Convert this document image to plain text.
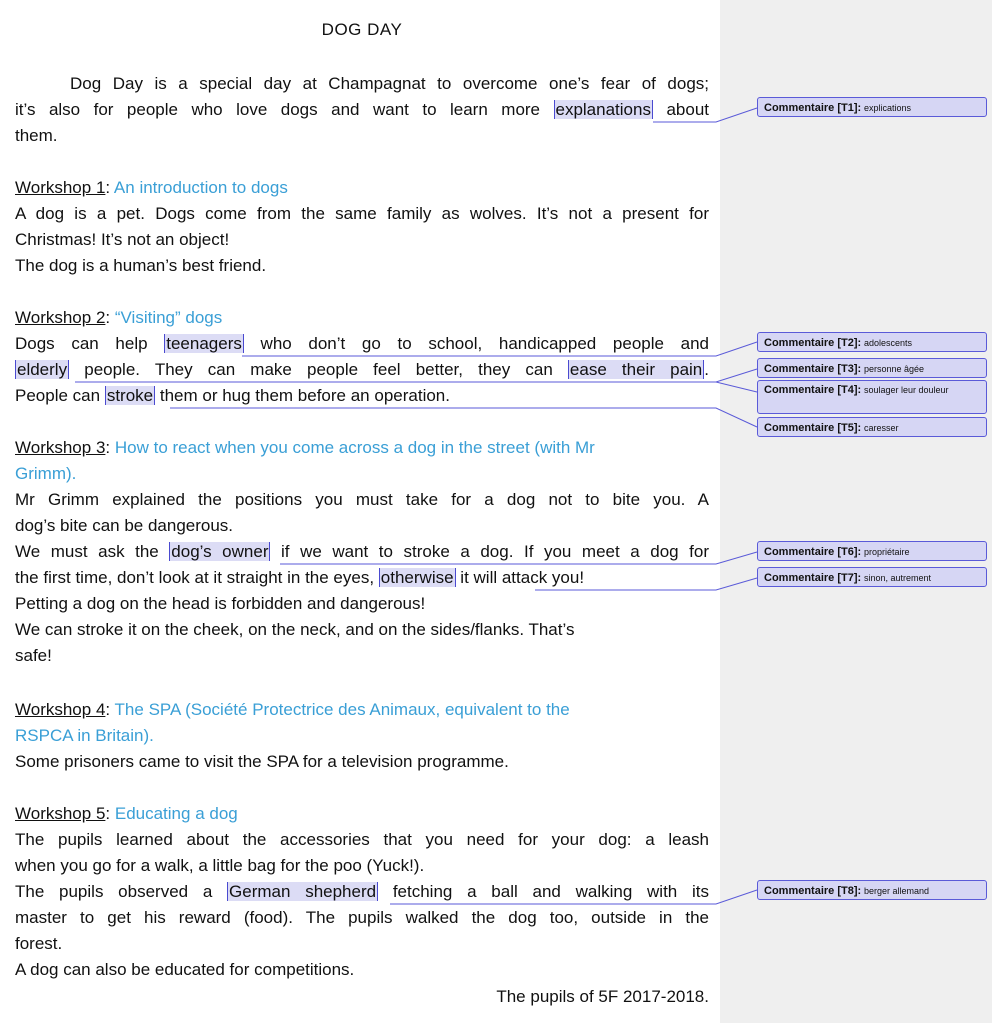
DOG DAY

Dog Day is a special day at Champagnat to overcome one’s fear of dogs;

it’s also for people who love dogs and want to learn more explanations about

them.

Workshop 1: An introduction to dogs

A dog is a pet. Dogs come from the same family as wolves. It’s not a present for

Christmas! It’s not an object!

The dog is a human’s best friend.

Workshop 2: “Visiting” dogs

Dogs can help teenagers who don’t go to school, handicapped people and

elderly people. They can make people feel better, they can ease their pain .

People can stroke them or hug them before an operation.

Workshop 3: How to react when you come across a dog in the street (with Mr

Grimm).

Mr Grimm explained the positions you must take for a dog not to bite you. A

dog’s bite can be dangerous.

We must ask the dog’s owner if we want to stroke a dog. If you meet a dog for

the first time, don’t look at it straight in the eyes, otherwise it will attack you!

Petting a dog on the head is forbidden and dangerous!

We can stroke it on the cheek, on the neck, and on the sides/flanks. That’s

safe!

Workshop 4: The SPA (Société Protectrice des Animaux, equivalent to the

RSPCA in Britain).

Some prisoners came to visit the SPA for a television programme.

Workshop 5: Educating a dog

The pupils learned about the accessories that you need for your dog: a leash

when you go for a walk, a little bag for the poo (Yuck!).

The pupils observed a German shepherd fetching a ball and walking with its

master to get his reward (food). The pupils walked the dog too, outside in the

forest.

A dog can also be educated for competitions.

The pupils of 5F 2017-2018.

Commentaire [T1]: explications
Commentaire [T2]: adolescents
Commentaire [T3]: personne âgée
Commentaire [T4]: soulager leur douleur
Commentaire [T5]: caresser
Commentaire [T6]: propriétaire
Commentaire [T7]: sinon, autrement
Commentaire [T8]: berger allemand
